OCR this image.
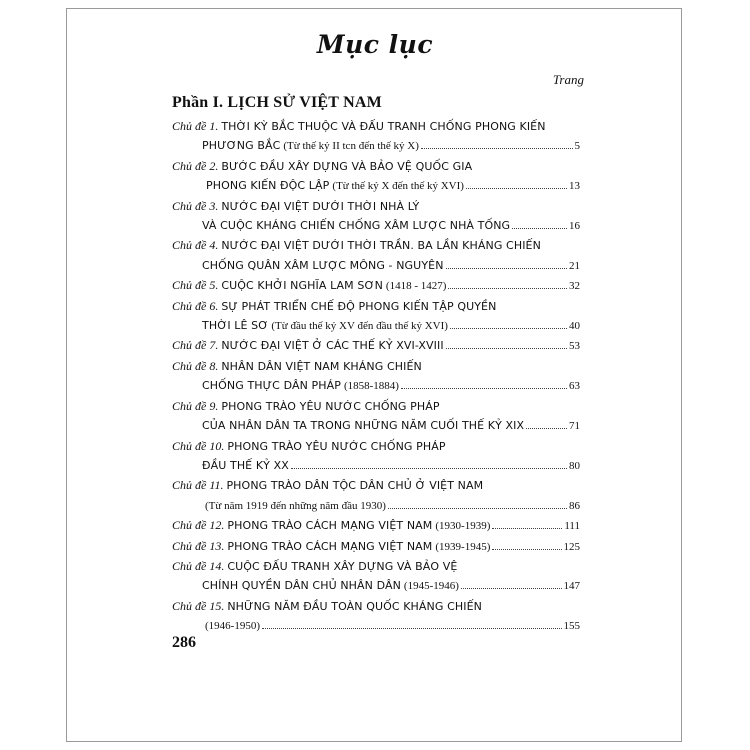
Mục lục
Trang
Phần I. LỊCH SỬ VIỆT NAM
Chủ đề 1.
THỜI KỲ BẮC THUỘC VÀ ĐẤU TRANH CHỐNG PHONG KIẾN
PHƯƠNG BẮC
(Từ thế kỷ II tcn đến thế kỷ X)	5
Chủ đề 2.
BƯỚC ĐẦU XÂY DỰNG VÀ BẢO VỆ QUỐC GIA
PHONG KIẾN ĐỘC LẬP
(Từ thế kỷ X đến thế kỷ XVI)	13
Chủ đề 3.
NƯỚC ĐẠI VIỆT DƯỚI THỜI NHÀ LÝ
VÀ CUỘC KHÁNG CHIẾN CHỐNG XÂM LƯỢC NHÀ TỐNG	16
Chủ đề 4.
NƯỚC ĐẠI VIỆT DƯỚI THỜI TRẦN. BA LẦN KHÁNG CHIẾN
CHỐNG QUÂN XÂM LƯỢC MÔNG - NGUYÊN	21
Chủ đề 5.
CUỘC KHỞI NGHĨA LAM SƠN
(1418 - 1427)	32
Chủ đề 6.
SỰ PHÁT TRIỂN CHẾ ĐỘ PHONG KIẾN TẬP QUYỀN
THỜI LÊ SƠ
(Từ đầu thế kỷ XV đến đầu thế kỷ XVI)	40
Chủ đề 7.
NƯỚC ĐẠI VIỆT Ở CÁC THẾ KỶ XVI-XVIII	53
Chủ đề 8.
NHÂN DÂN VIỆT NAM KHÁNG CHIẾN
CHỐNG THỰC DÂN PHÁP
(1858-1884)	63
Chủ đề 9.
PHONG TRÀO YÊU NƯỚC CHỐNG PHÁP
CỦA NHÂN DÂN TA TRONG NHỮNG NĂM CUỐI THẾ KỶ XIX	71
Chủ đề 10.
PHONG TRÀO YÊU NƯỚC CHỐNG PHÁP
ĐẦU THẾ KỶ XX	80
Chủ đề 11.
PHONG TRÀO DÂN TỘC DÂN CHỦ Ở VIỆT NAM

(Từ năm 1919 đến những năm đầu 1930)	86
Chủ đề 12.
PHONG TRÀO CÁCH MẠNG VIỆT NAM
(1930-1939)	111
Chủ đề 13.
PHONG TRÀO CÁCH MẠNG VIỆT NAM
(1939-1945)	125
Chủ đề 14.
CUỘC ĐẤU TRANH XÂY DỰNG VÀ BẢO VỆ
CHÍNH QUYỀN DÂN CHỦ NHÂN DÂN
(1945-1946)	147
Chủ đề 15.
NHỮNG NĂM ĐẦU TOÀN QUỐC KHÁNG CHIẾN

(1946-1950)	155
286
